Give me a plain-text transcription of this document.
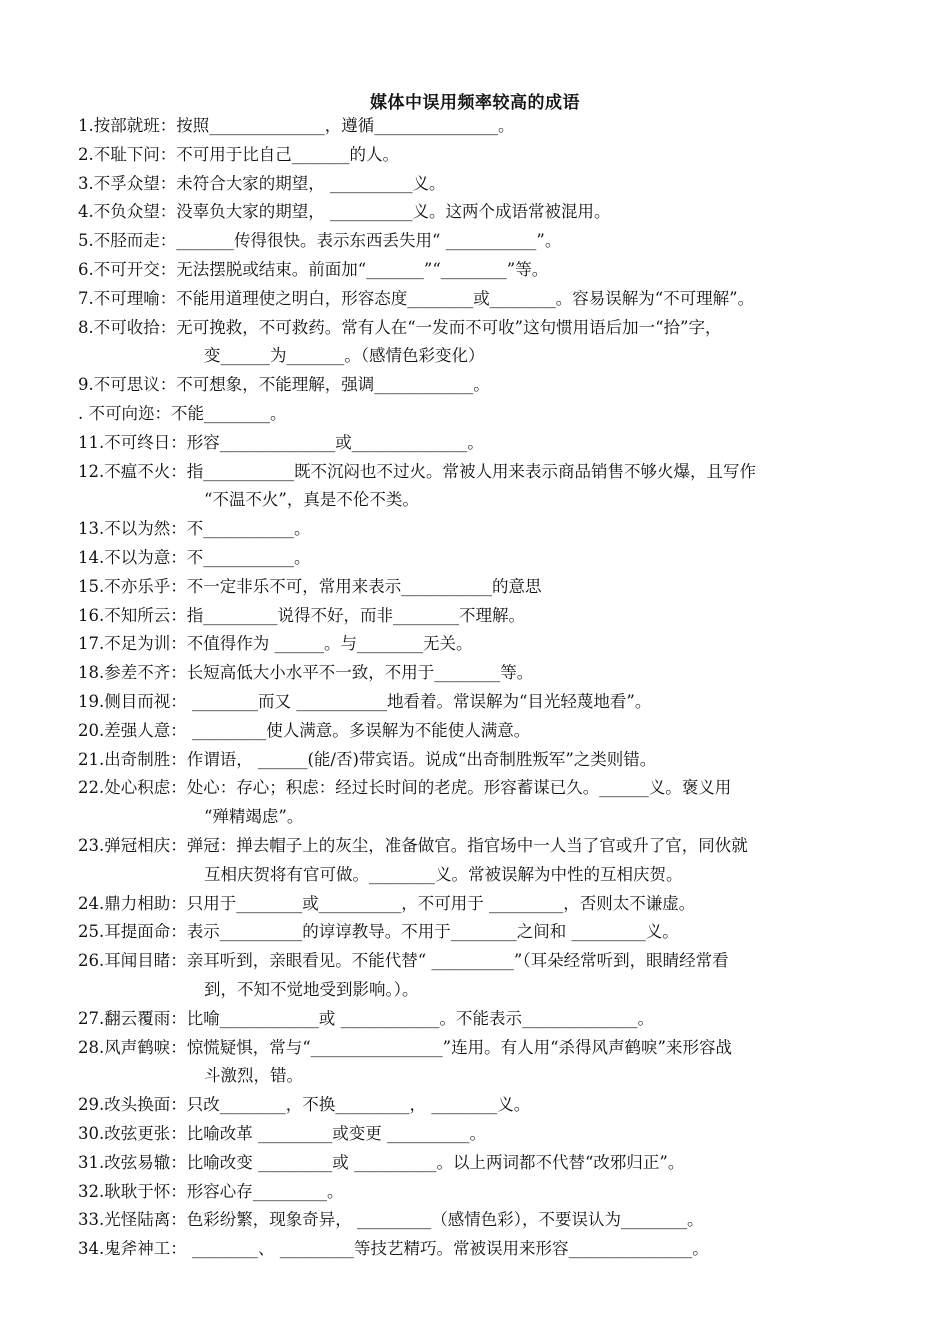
媒体中误用频率较高的成语
1.按部就班：按照______________，遵循_______________。
2.不耻下问：不可用于比自己_______的人。
3.不孚众望：未符合大家的期望， __________义。
4.不负众望：没辜负大家的期望， __________义。这两个成语常被混用。
5.不胫而走：_______传得很快。表示东西丢失用“ ___________”。
6.不可开交：无法摆脱或结束。前面加“_______”“________”等。
7.不可理喻：不能用道理使之明白，形容态度________或________。容易误解为“不可理解”。
8.不可收拾：无可挽救，不可救药。常有人在“一发而不可收”这句惯用语后加一“拾”字，
变______为_______。（感情色彩变化）
9.不可思议：不可想象，不能理解，强调____________。
. 不可向迩：不能________。
11.不可终日：形容______________或______________。
12.不瘟不火：指___________既不沉闷也不过火。常被人用来表示商品销售不够火爆，且写作
“不温不火”，真是不伦不类。
13.不以为然：不___________。
14.不以为意：不___________。
15.不亦乐乎：不一定非乐不可，常用来表示___________的意思
16.不知所云：指_________说得不好，而非________不理解。
17.不足为训：不值得作为 ______。与________无关。
18.参差不齐：长短高低大小水平不一致，不用于________等。
19.侧目而视： ________而又 ___________地看着。常误解为“目光轻蔑地看”。
20.差强人意： _________使人满意。多误解为不能使人满意。
21.出奇制胜：作谓语， ______(能/否)带宾语。说成“出奇制胜叛军”之类则错。
22.处心积虑：处心：存心；积虑：经过长时间的老虎。形容蓄谋已久。______义。褒义用
“殚精竭虑”。
23.弹冠相庆：弹冠：掸去帽子上的灰尘，准备做官。指官场中一人当了官或升了官，同伙就
互相庆贺将有官可做。________义。常被误解为中性的互相庆贺。
24.鼎力相助：只用于________或__________，不可用于 _________，否则太不谦虚。
25.耳提面命：表示__________的谆谆教导。不用于________之间和 _________义。
26.耳闻目睹：亲耳听到，亲眼看见。不能代替“ __________”（耳朵经常听到，眼睛经常看
到，不知不觉地受到影响。）。
27.翻云覆雨：比喻____________或 ____________。不能表示______________。
28.风声鹤唳：惊慌疑惧，常与“________________”连用。有人用“杀得风声鹤唳”来形容战
斗激烈，错。
29.改头换面：只改________，不换_________， ________义。
30.改弦更张：比喻改革 _________或变更 __________。
31.改弦易辙：比喻改变 _________或 __________。以上两词都不代替“改邪归正”。
32.耿耿于怀：形容心存_________。
33.光怪陆离：色彩纷繁，现象奇异， _________（感情色彩），不要误认为________。
34.鬼斧神工： ________、 _________等技艺精巧。常被误用来形容_______________。
